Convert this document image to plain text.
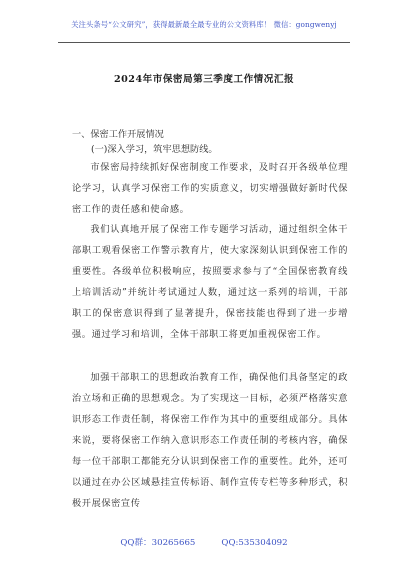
关注头条号“公文研究”，获得最新最全最专业的公文资料库！ 微信：gongwenyj
2024年市保密局第三季度工作情况汇报
一、保密工作开展情况
(一)深入学习，筑牢思想防线。
市保密局持续抓好保密制度工作要求，及时召开各级单位理论学习，认真学习保密工作的实质意义，切实增强做好新时代保密工作的责任感和使命感。
我们认真地开展了保密工作专题学习活动，通过组织全体干部职工观看保密工作警示教育片，使大家深刻认识到保密工作的重要性。各级单位积极响应，按照要求参与了“全国保密教育线上培训活动”并统计考试通过人数，通过这一系列的培训，干部职工的保密意识得到了显著提升，保密技能也得到了进一步增强。通过学习和培训，全体干部职工将更加重视保密工作。
加强干部职工的思想政治教育工作，确保他们具备坚定的政治立场和正确的思想观念。为了实现这一目标，必须严格落实意识形态工作责任制，将保密工作作为其中的重要组成部分。具体来说，要将保密工作纳入意识形态工作责任制的考核内容，确保每一位干部职工都能充分认识到保密工作的重要性。此外，还可以通过在办公区域悬挂宣传标语、制作宣传专栏等多种形式，积极开展保密宣传
QQ群：30265665	QQ:535304092
